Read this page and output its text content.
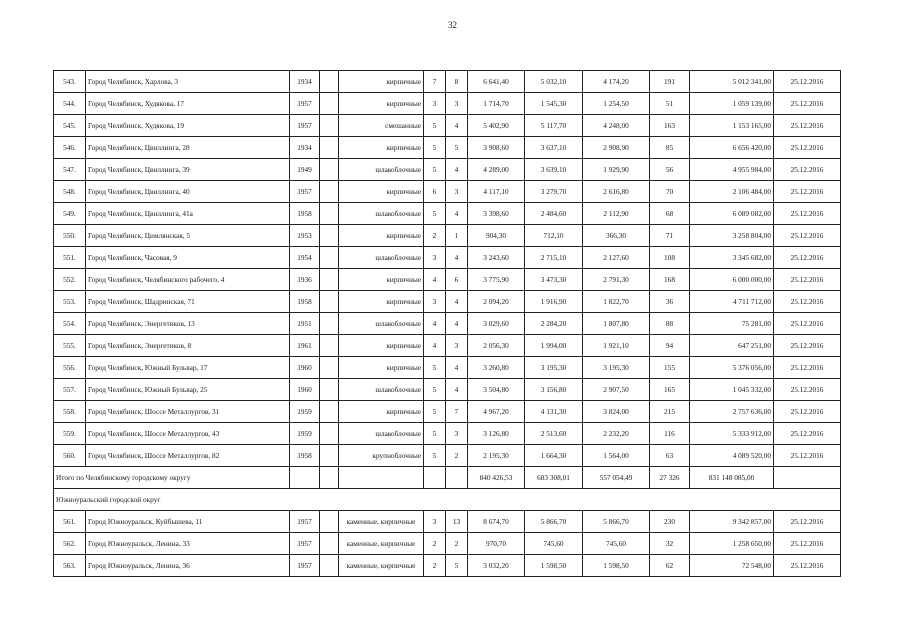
32
543.	Город Челябинск, Харлова, 3	1934		кирпичные	7	8	6 641,40	5 032,10	4 174,20	191	5 012 341,00	25.12.2016
544.	Город Челябинск, Худякова, 17	1957		кирпичные	3	3	1 714,70	1 545,30	1 254,50	51	1 059 139,00	25.12.2016
545.	Город Челябинск, Худякова, 19	1957		смешанные	5	4	5 402,90	5 117,70	4 248,00	163	1 153 165,00	25.12.2016
546.	Город Челябинск, Цвиллинга, 28	1934		кирпичные	5	5	3 908,60	3 637,10	2 908,90	85	6 656 420,00	25.12.2016
547.	Город Челябинск, Цвиллинга, 39	1949		шлакоблочные	5	4	4 289,00	3 639,10	1 929,90	56	4 955 984,00	25.12.2016
548.	Город Челябинск, Цвиллинга, 40	1957		кирпичные	6	3	4 117,10	3 279,70	2 616,80	70	2 106 484,00	25.12.2016
549.	Город Челябинск, Цвиллинга, 41а	1958		шлакоблочные	5	4	3 398,60	2 484,60	2 112,90	68	6 089 082,00	25.12.2016
550.	Город Челябинск, Цимлянская, 5	1953		кирпичные	2	1	904,30	712,10	366,30	71	3 258 804,00	25.12.2016
551.	Город Челябинск, Часовая, 9	1954		шлакоблочные	3	4	3 243,60	2 715,10	2 127,60	108	3 345 682,00	25.12.2016
552.	Город Челябинск, Челябинского рабочего, 4	1936		кирпичные	4	6	3 775,90	3 473,30	2 791,30	168	6 000 000,00	25.12.2016
553.	Город Челябинск, Шадринская, 71	1958		кирпичные	3	4	2 094,20	1 916,90	1 822,70	36	4 711 712,00	25.12.2016
554.	Город Челябинск, Энергетиков, 13	1951		шлакоблочные	4	4	3 029,60	2 284,20	1 807,80	88	75 281,00	25.12.2016
555.	Город Челябинск, Энергетиков, 8	1961		кирпичные	4	3	2 056,30	1 994,00	1 921,10	94	647 251,00	25.12.2016
556.	Город Челябинск, Южный Бульвар, 17	1960		кирпичные	5	4	3 260,80	3 195,30	3 195,30	155	5 376 056,00	25.12.2016
557.	Город Челябинск, Южный Бульвар, 25	1960		шлакоблочные	5	4	3 504,80	3 156,80	2 907,50	165	1 045 332,00	25.12.2016
558.	Город Челябинск, Шоссе Металлургов, 31	1959		кирпичные	5	7	4 967,20	4 131,30	3 824,00	215	2 757 636,00	25.12.2016
559.	Город Челябинск, Шоссе Металлургов, 43	1959		шлакоблочные	5	3	3 126,80	2 513,60	2 232,20	116	5 333 912,00	25.12.2016
560.	Город Челябинск, Шоссе Металлургов, 82	1958		крупноблочные	5	2	2 195,30	1 664,30	1 564,00	63	4 089 520,00	25.12.2016
Итого по Челябинскому городскому округу							840 426,53	683 308,01	557 054,49	27 326	831 148 085,00	
Южноуральский городской округ												
561.	Город Южноуральск, Куйбышева, 11	1957		каменные, кирпичные	3	13	8 674,70	5 866,70	5 866,70	230	9 342 857,00	25.12.2016
562.	Город Южноуральск, Ленина, 33	1957		каменные, кирпичные	2	2	970,70	745,60	745,60	32	1 258 650,00	25.12.2016
563.	Город Южноуральск, Ленина, 36	1957		каменные, кирпичные	2	5	3 032,20	1 598,50	1 598,50	62	72 548,00	25.12.2016
